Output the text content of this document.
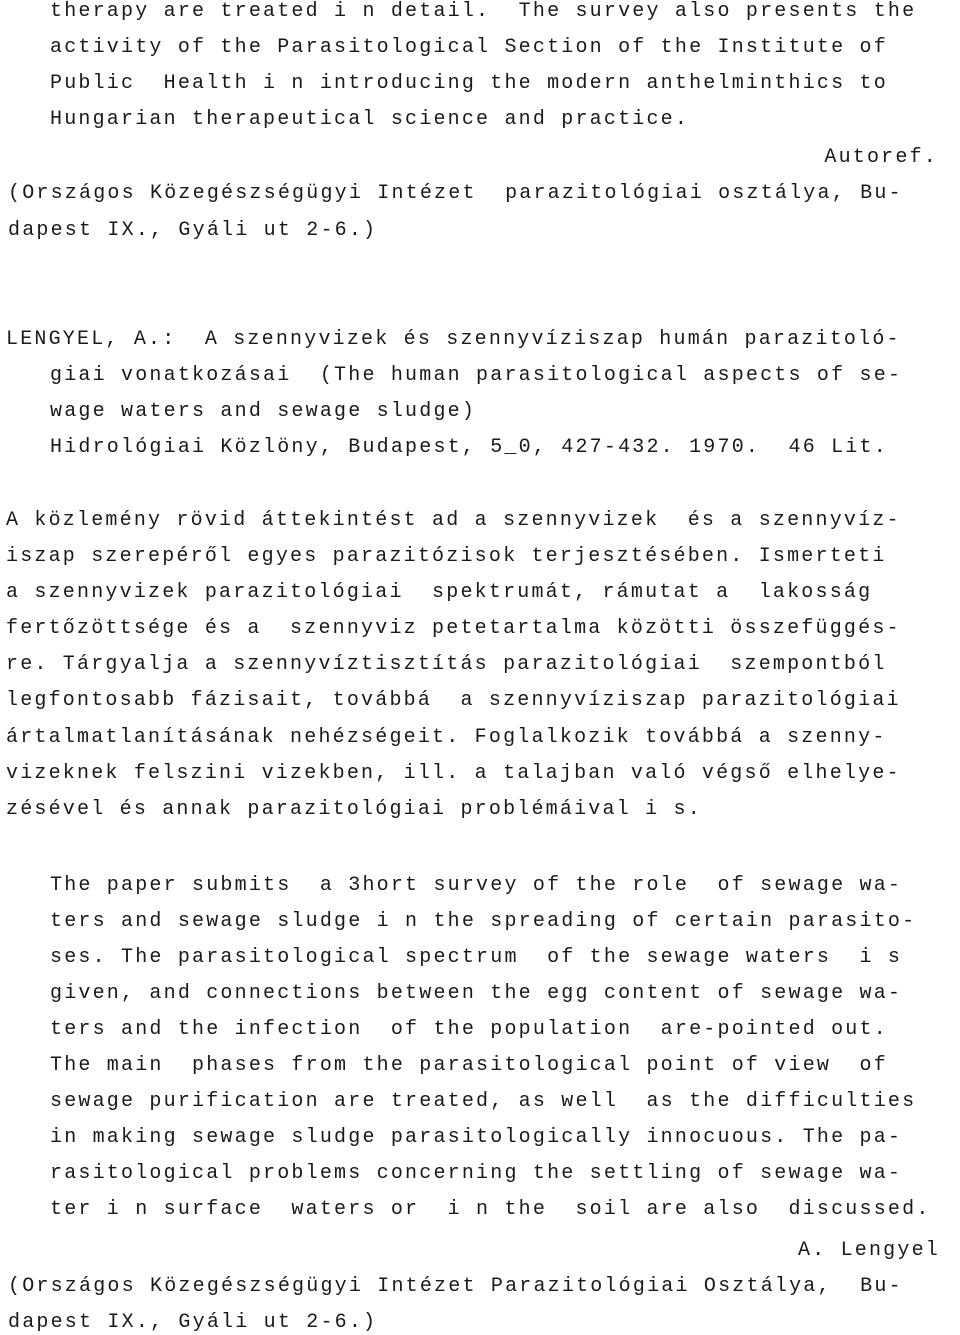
therapy are treated i n detail.  The survey also presents the
activity of the Parasitological Section of the Institute of
Public  Health i n introducing the modern anthelminthics to
Hungarian therapeutical science and practice.
Autoref.
(Országos Közegészségügyi Intézet  parazitológiai osztálya, Bu-
dapest IX., Gyáli ut 2-6.)
LENGYEL, A.:  A szennyvizek és szennyvíziszap humán parazitoló-
giai vonatkozásai  (The human parasitological aspects of se-
wage waters and sewage sludge)
Hidrológiai Közlöny, Budapest, 5_0, 427-432. 1970.  46 Lit.
A közlemény rövid áttekintést ad a szennyvizek  és a szennyvíz-
iszap szerepéről egyes parazitózisok terjesztésében. Ismerteti
a szennyvizek parazitológiai  spektrumát, rámutat a  lakosság
fertőzöttsége és a  szennyviz petetartalma közötti összefüggés-
re. Tárgyalja a szennyvíztisztítás parazitológiai  szempontból
legfontosabb fázisait, továbbá  a szennyvíziszap parazitológiai
ártalmatlanításának nehézségeit. Foglalkozik továbbá a szenny-
vizeknek felszini vizekben, ill. a talajban való végső elhelye-
zésével és annak parazitológiai problémáival i s.
The paper submits  a 3hort survey of the role  of sewage wa-
ters and sewage sludge i n the spreading of certain parasito-
ses. The parasitological spectrum  of the sewage waters  i s
given, and connections between the egg content of sewage wa-
ters and the infection  of the population  are-pointed out.
The main  phases from the parasitological point of view  of
sewage purification are treated, as well  as the difficulties
in making sewage sludge parasitologically innocuous. The pa-
rasitological problems concerning the settling of sewage wa-
ter i n surface  waters or  i n the  soil are also  discussed.
A. Lengyel
(Országos Közegészségügyi Intézet Parazitológiai Osztálya,  Bu-
dapest IX., Gyáli ut 2-6.)
